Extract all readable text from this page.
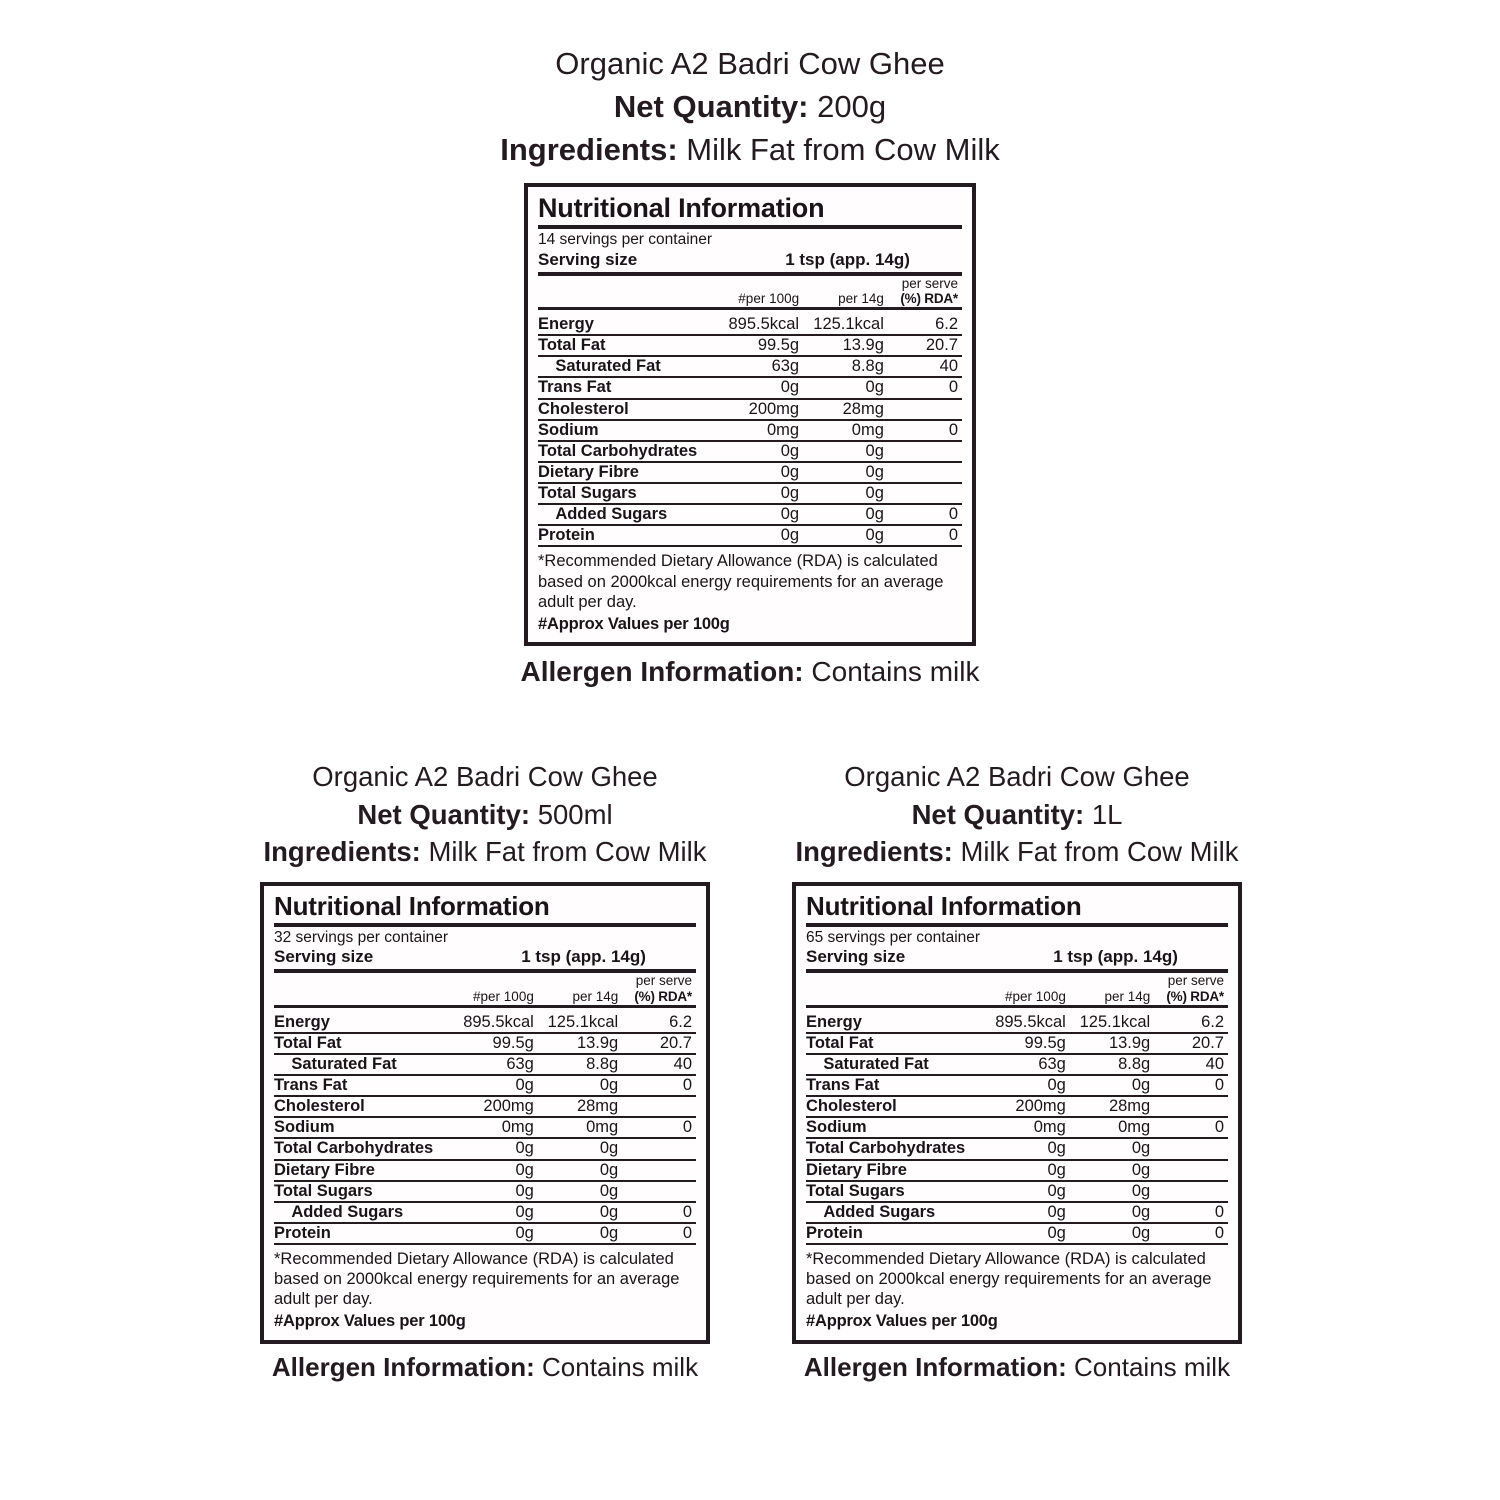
Organic A2 Badri Cow Ghee
Net Quantity: 200g
Ingredients: Milk Fat from Cow Milk
Nutritional Information
14 servings per container
Serving size	1 tsp (app. 14g)
	#per 100g	per 14g	per serve
(%) RDA*

Energy	895.5kcal	125.1kcal	6.2
Total Fat	99.5g	13.9g	20.7
Saturated Fat	63g	8.8g	40
Trans Fat	0g	0g	0
Cholesterol	200mg	28mg	
Sodium	0mg	0mg	0
Total Carbohydrates	0g	0g	
Dietary Fibre	0g	0g	
Total Sugars	0g	0g	
Added Sugars	0g	0g	0
Protein	0g	0g	0
*Recommended Dietary Allowance (RDA) is calculated based on 2000kcal energy requirements for an average adult per day.
#Approx Values per 100g
Allergen Information: Contains milk
Organic A2 Badri Cow Ghee
Net Quantity: 500ml
Ingredients: Milk Fat from Cow Milk
Nutritional Information
32 servings per container
Serving size	1 tsp (app. 14g)
	#per 100g	per 14g	per serve
(%) RDA*

Energy	895.5kcal	125.1kcal	6.2
Total Fat	99.5g	13.9g	20.7
Saturated Fat	63g	8.8g	40
Trans Fat	0g	0g	0
Cholesterol	200mg	28mg	
Sodium	0mg	0mg	0
Total Carbohydrates	0g	0g	
Dietary Fibre	0g	0g	
Total Sugars	0g	0g	
Added Sugars	0g	0g	0
Protein	0g	0g	0
*Recommended Dietary Allowance (RDA) is calculated based on 2000kcal energy requirements for an average adult per day.
#Approx Values per 100g
Allergen Information: Contains milk
Organic A2 Badri Cow Ghee
Net Quantity: 1L
Ingredients: Milk Fat from Cow Milk
Nutritional Information
65 servings per container
Serving size	1 tsp (app. 14g)
	#per 100g	per 14g	per serve
(%) RDA*

Energy	895.5kcal	125.1kcal	6.2
Total Fat	99.5g	13.9g	20.7
Saturated Fat	63g	8.8g	40
Trans Fat	0g	0g	0
Cholesterol	200mg	28mg	
Sodium	0mg	0mg	0
Total Carbohydrates	0g	0g	
Dietary Fibre	0g	0g	
Total Sugars	0g	0g	
Added Sugars	0g	0g	0
Protein	0g	0g	0
*Recommended Dietary Allowance (RDA) is calculated based on 2000kcal energy requirements for an average adult per day.
#Approx Values per 100g
Allergen Information: Contains milk
